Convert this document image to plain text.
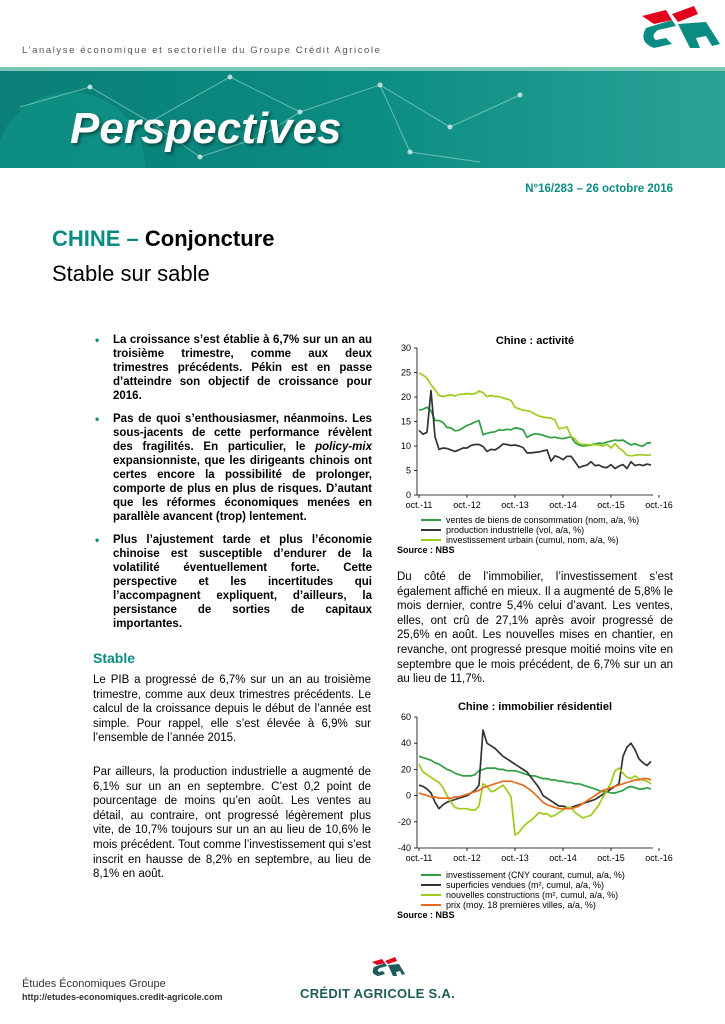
L’analyse économique et sectorielle du Groupe Crédit Agricole
Perspectives
N°16/283 – 26 octobre 2016
CHINE – Conjoncture
Stable sur sable
• La croissance s’est établie à 6,7% sur un an au troisième trimestre, comme aux deux trimestres précédents. Pékin est en passe d’atteindre son objectif de croissance pour 2016.
• Pas de quoi s’enthousiasmer, néanmoins. Les sous-jacents de cette performance révèlent des fragilités. En particulier, le policy-mix expansionniste, que les dirigeants chinois ont certes encore la possibilité de prolonger, comporte de plus en plus de risques. D’autant que les réformes économiques menées en parallèle avancent (trop) lentement.
• Plus l’ajustement tarde et plus l’économie chinoise est susceptible d’endurer de la volatilité éventuellement forte. Cette perspective et les incertitudes qui l’accompagnent expliquent, d’ailleurs, la persistance de sorties de capitaux importantes.
Stable
Le PIB a progressé de 6,7% sur un an au troisième trimestre, comme aux deux trimestres précédents. Le calcul de la croissance depuis le début de l’année est simple. Pour rappel, elle s’est élevée à 6,9% sur l’ensemble de l’année 2015.
Par ailleurs, la production industrielle a augmenté de 6,1% sur un an en septembre. C’est 0,2 point de pourcentage de moins qu’en août. Les ventes au détail, au contraire, ont progressé légèrement plus vite, de 10,7% toujours sur un an au lieu de 10,6% le mois précédent. Tout comme l’investissement qui s’est inscrit en hausse de 8,2% en septembre, au lieu de 8,1% en août.
Du côté de l’immobilier, l’investissement s’est également affiché en mieux. Il a augmenté de 5,8% le mois dernier, contre 5,4% celui d’avant. Les ventes, elles, ont crû de 27,1% après avoir progressé de 25,6% en août. Les nouvelles mises en chantier, en revanche, ont progressé presque moitié moins vite en septembre que le mois précédent, de 6,7% sur un an au lieu de 11,7%.
Chine : activité
0
5
10
15
20
25
30
oct.-11 oct.-12 oct.-13 oct.-14 oct.-15 oct.-16
ventes de biens de consommation (nom, a/a, %)
production industrielle (vol, a/a, %)
investissement urbain (cumul, nom, a/a, %)
Source : NBS
Chine : immobilier résidentiel
-40
-20
0
20
40
60
oct.-11 oct.-12 oct.-13 oct.-14 oct.-15 oct.-16
investissement (CNY courant, cumul, a/a, %)
superficies vendues (m², cumul, a/a, %)
nouvelles constructions (m², cumul, a/a, %)
prix (moy. 18 premières villes, a/a, %)
Source : NBS
Études Économiques Groupe
http://etudes-economiques.credit-agricole.com	CRÉDIT AGRICOLE S.A.
